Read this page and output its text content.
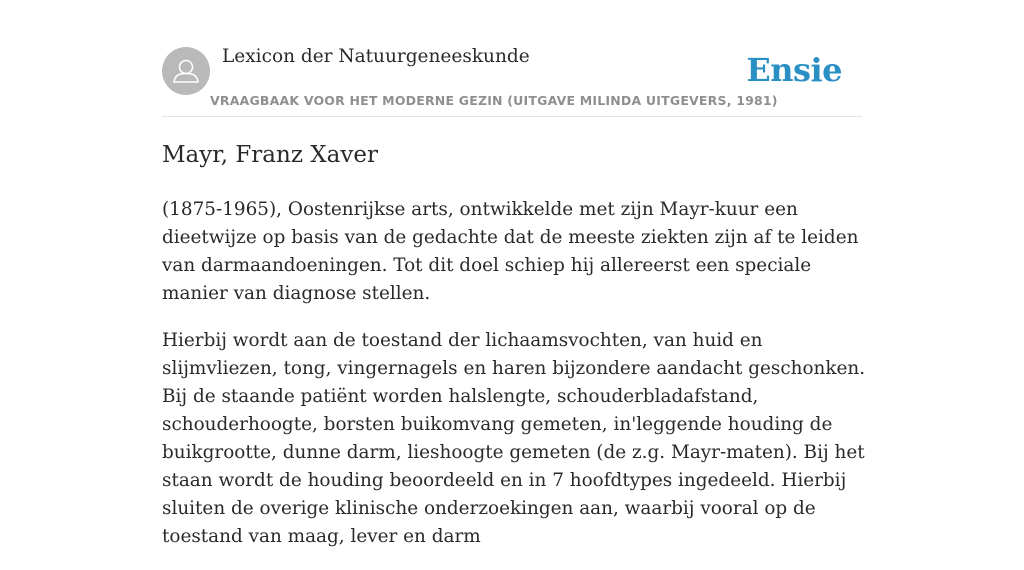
Lexicon der Natuurgeneeskunde
VRAAGBAAK VOOR HET MODERNE GEZIN (UITGAVE MILINDA UITGEVERS, 1981)
Ensie
Mayr, Franz Xaver

(1875-1965), Oostenrijkse arts, ontwikkelde met zijn Mayr-kuur een dieetwijze op basis van de gedachte dat de meeste ziekten zijn af te leiden van darmaandoeningen. Tot dit doel schiep hij allereerst een speciale manier van diagnose stellen.

Hierbij wordt aan de toestand der lichaamsvochten, van huid en slijmvliezen, tong, vingernagels en haren bijzondere aandacht geschonken. Bij de staande patiënt worden halslengte, schouderbladafstand, schouderhoogte, borsten buikomvang gemeten, in'leggende houding de buikgrootte, dunne darm, lieshoogte gemeten (de z.g. Mayr-maten). Bij het staan wordt de houding beoordeeld en in 7 hoofdtypes ingedeeld. Hierbij sluiten de overige klinische onderzoekingen aan, waarbij vooral op de toestand van maag, lever en darm
